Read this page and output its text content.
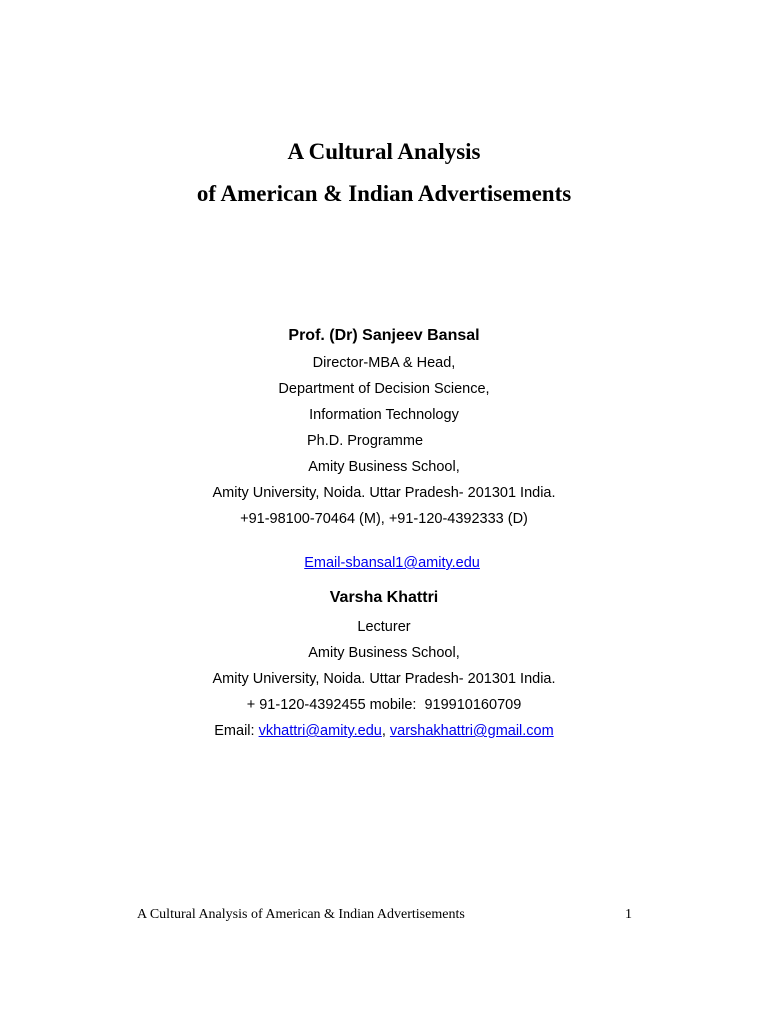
A Cultural Analysis
of American & Indian Advertisements
Prof. (Dr) Sanjeev Bansal
Director-MBA & Head,
Department of Decision Science,
Information Technology
Ph.D. Programme
Amity Business School,
Amity University, Noida. Uttar Pradesh- 201301 India.
+91-98100-70464 (M), +91-120-4392333 (D)

Email-sbansal1@amity.edu

Varsha Khattri
Lecturer
Amity Business School,
Amity University, Noida. Uttar Pradesh- 201301 India.
+ 91-120-4392455 mobile:  919910160709
Email: vkhattri@amity.edu, varshakhattri@gmail.com
A Cultural Analysis of American & Indian Advertisements	1
